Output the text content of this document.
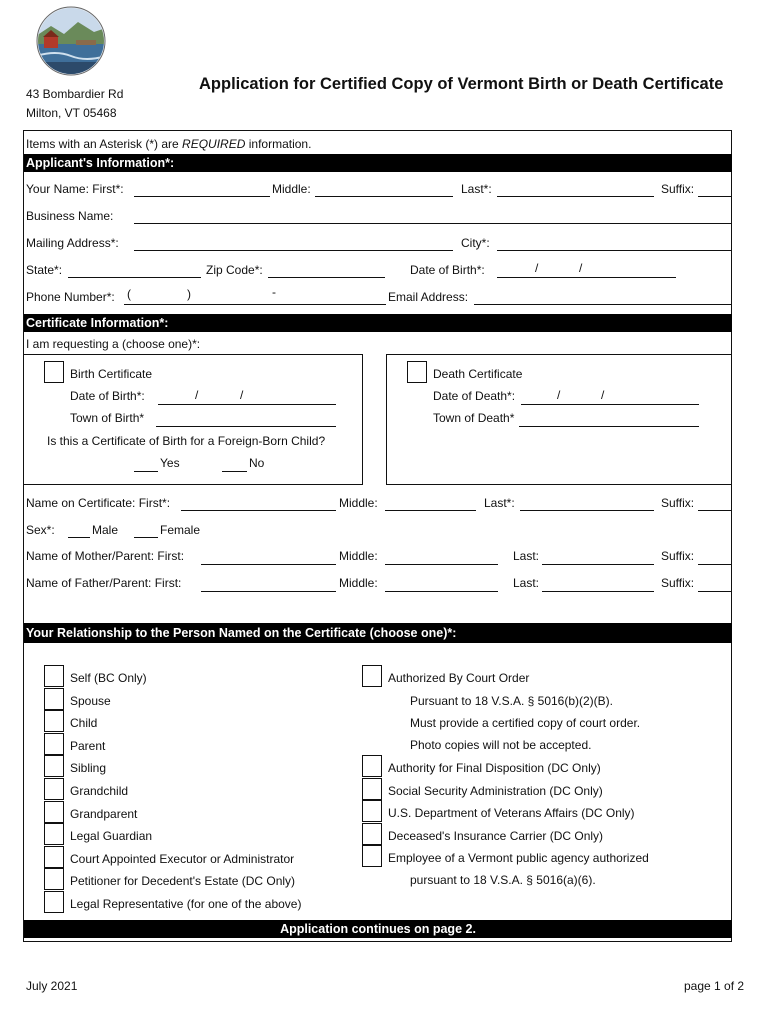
43 Bombardier Rd
Milton, VT 05468
Application for Certified Copy of Vermont Birth or Death Certificate
Items with an Asterisk (*) are REQUIRED information.
Applicant's Information*:
Your Name: First*:	Middle:	Last*:	Suffix:
Business Name:
Mailing Address*:	City*:
State*:	Zip Code*:	Date of Birth*:	/	/
Phone Number*: (	)	-	Email Address:
Certificate Information*:
I am requesting a (choose one)*:
Birth Certificate
Date of Birth*:	/	/
Town of Birth*
Is this a Certificate of Birth for a Foreign-Born Child?
Yes	No
Death Certificate
Date of Death*:	/	/
Town of Death*
Name on Certificate: First*:	Middle:	Last*:	Suffix:
Sex*:	Male	Female
Name of Mother/Parent: First:	Middle:	Last:	Suffix:
Name of Father/Parent: First:	Middle:	Last:	Suffix:
Your Relationship to the Person Named on the Certificate (choose one)*:
Self (BC Only)
Spouse
Child
Parent
Sibling
Grandchild
Grandparent
Legal Guardian
Court Appointed Executor or Administrator
Petitioner for Decedent's Estate (DC Only)
Legal Representative (for one of the above)
Authorized By Court Order
Pursuant to 18 V.S.A. § 5016(b)(2)(B).
Must provide a certified copy of court order.
Photo copies will not be accepted.
Authority for Final Disposition (DC Only)
Social Security Administration (DC Only)
U.S. Department of Veterans Affairs (DC Only)
Deceased's Insurance Carrier (DC Only)
Employee of a Vermont public agency authorized
pursuant to 18 V.S.A. § 5016(a)(6).
Application continues on page 2.
July 2021	page 1 of 2
